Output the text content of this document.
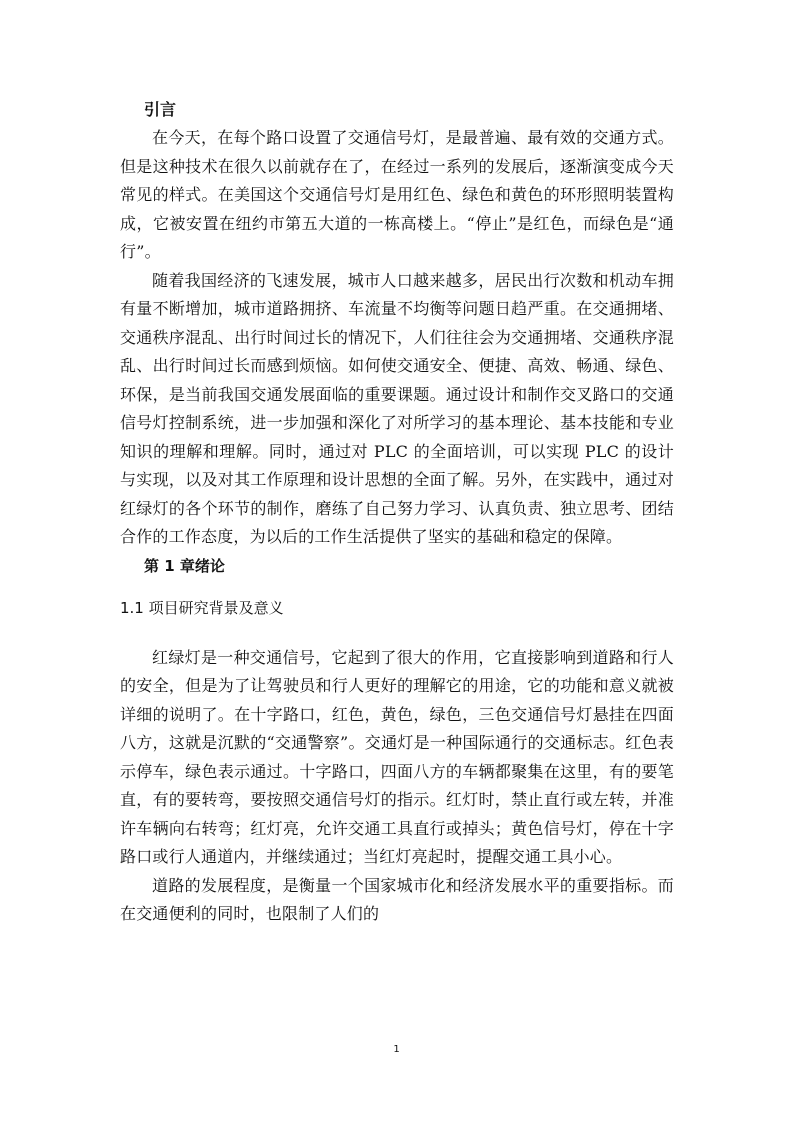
引言

在今天，在每个路口设置了交通信号灯，是最普遍、最有效的交通方式。但是这种技术在很久以前就存在了，在经过一系列的发展后，逐渐演变成今天常见的样式。在美国这个交通信号灯是用红色、绿色和黄色的环形照明装置构成，它被安置在纽约市第五大道的一栋高楼上。“停止”是红色，而绿色是“通行”。

随着我国经济的飞速发展，城市人口越来越多，居民出行次数和机动车拥有量不断增加，城市道路拥挤、车流量不均衡等问题日趋严重。在交通拥堵、交通秩序混乱、出行时间过长的情况下，人们往往会为交通拥堵、交通秩序混乱、出行时间过长而感到烦恼。如何使交通安全、便捷、高效、畅通、绿色、环保，是当前我国交通发展面临的重要课题。通过设计和制作交叉路口的交通信号灯控制系统，进一步加强和深化了对所学习的基本理论、基本技能和专业知识的理解和理解。同时，通过对 PLC 的全面培训，可以实现 PLC 的设计与实现，以及对其工作原理和设计思想的全面了解。另外，在实践中，通过对红绿灯的各个环节的制作，磨练了自己努力学习、认真负责、独立思考、团结合作的工作态度，为以后的工作生活提供了坚实的基础和稳定的保障。

第 1 章绪论

1.1 项目研究背景及意义

红绿灯是一种交通信号，它起到了很大的作用，它直接影响到道路和行人的安全，但是为了让驾驶员和行人更好的理解它的用途，它的功能和意义就被详细的说明了。在十字路口，红色，黄色，绿色，三色交通信号灯悬挂在四面八方，这就是沉默的“交通警察”。交通灯是一种国际通行的交通标志。红色表示停车，绿色表示通过。十字路口，四面八方的车辆都聚集在这里，有的要笔直，有的要转弯，要按照交通信号灯的指示。红灯时，禁止直行或左转，并准许车辆向右转弯；红灯亮，允许交通工具直行或掉头；黄色信号灯，停在十字路口或行人通道内，并继续通过；当红灯亮起时，提醒交通工具小心。

道路的发展程度，是衡量一个国家城市化和经济发展水平的重要指标。而在交通便利的同时，也限制了人们的

1
